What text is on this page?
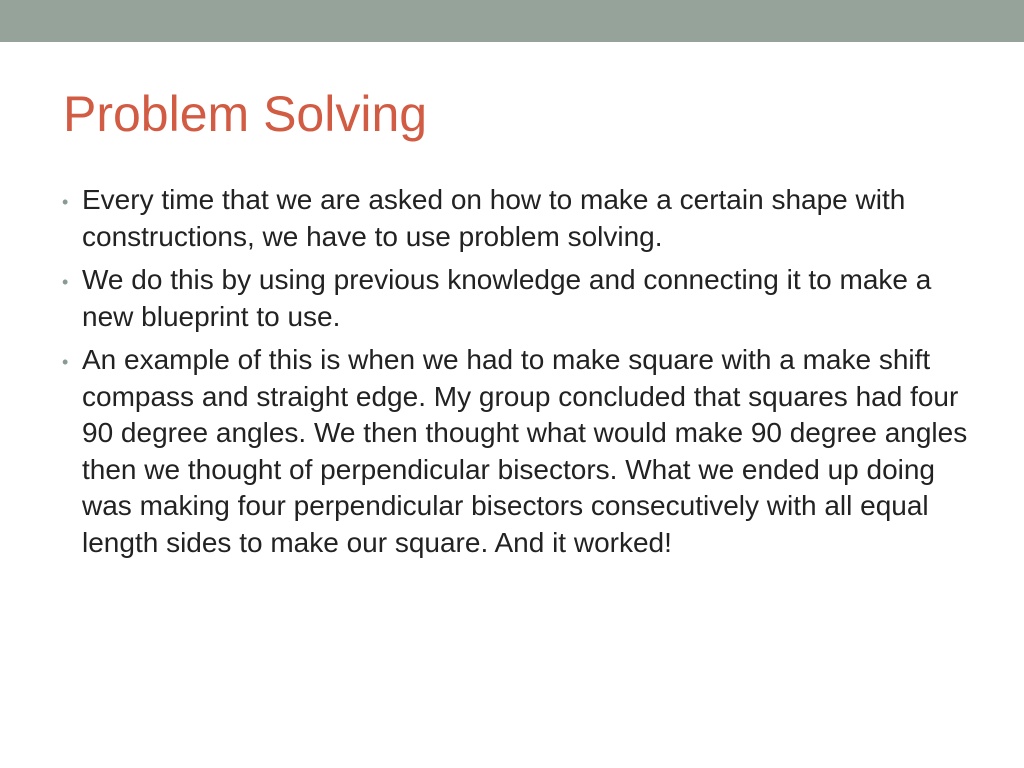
Problem Solving
• Every time that we are asked on how to make a certain shape with constructions, we have to use problem solving.
• We do this by using previous knowledge and connecting it to make a new blueprint to use.
• An example of this is when we had to make square with a make shift compass and straight edge. My group concluded that squares had four 90 degree angles. We then thought what would make 90 degree angles then we thought of perpendicular bisectors. What we ended up doing was making four perpendicular bisectors consecutively with all equal length sides to make our square. And it worked!
